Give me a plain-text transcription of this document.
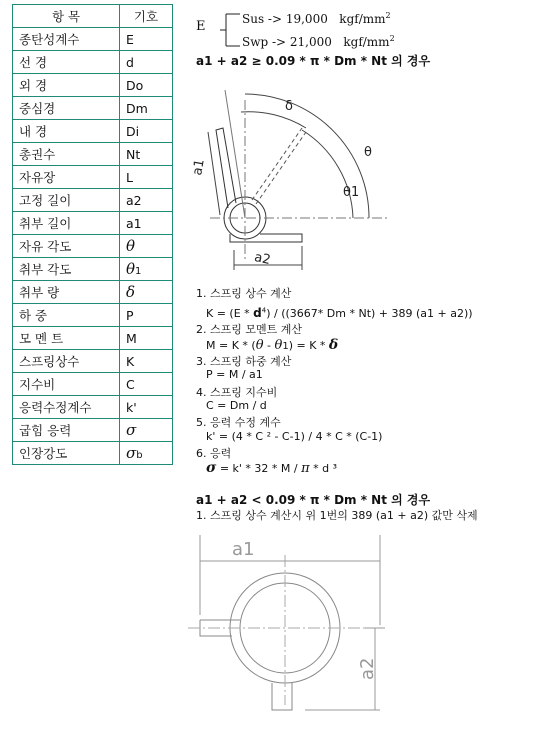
항 목	기호
종탄성계수	E
선 경	d
외 경	Do
중심경	Dm
내 경	Di
총권수	Nt
자유장	L
고정 길이	a2
취부 길이	a1
자유 각도	θ
취부 각도	θ1
취부 량	δ
하 중	P
모 멘 트	M
스프링상수	K
지수비	C
응력수정계수	k'
굽힘 응력	σ
인장강도	σb
E	Sus -> 19,000 kgf/$mm^2$
Swp -> 21,000 kgf/$mm^2$
a1 + a2 ≥ 0.09 * π * Dm * Nt 의 경우
δ
θ
θ1
a1
a2
1. 스프링 상수 계산
$K = (E * d^4) / ((3667*$ Dm * Nt) + 389 (a1 + a2))
2. 스프링 모멘트 계산
M = K * (θ - θ1) = K * δ
3. 스프링 하중 계산
P = M / a1
4. 스프링 지수비
C = Dm / d
5. 응력 수정 계수
k' = (4 * C ² - C-1) / 4 * C * (C-1)
6. 응력
σ = k' * 32 * M / π * d ³
a1 + a2 < 0.09 * π * Dm * Nt 의 경우
1. 스프링 상수 계산시 위 1번의 389 (a1 + a2) 값만 삭제
a1
a2
